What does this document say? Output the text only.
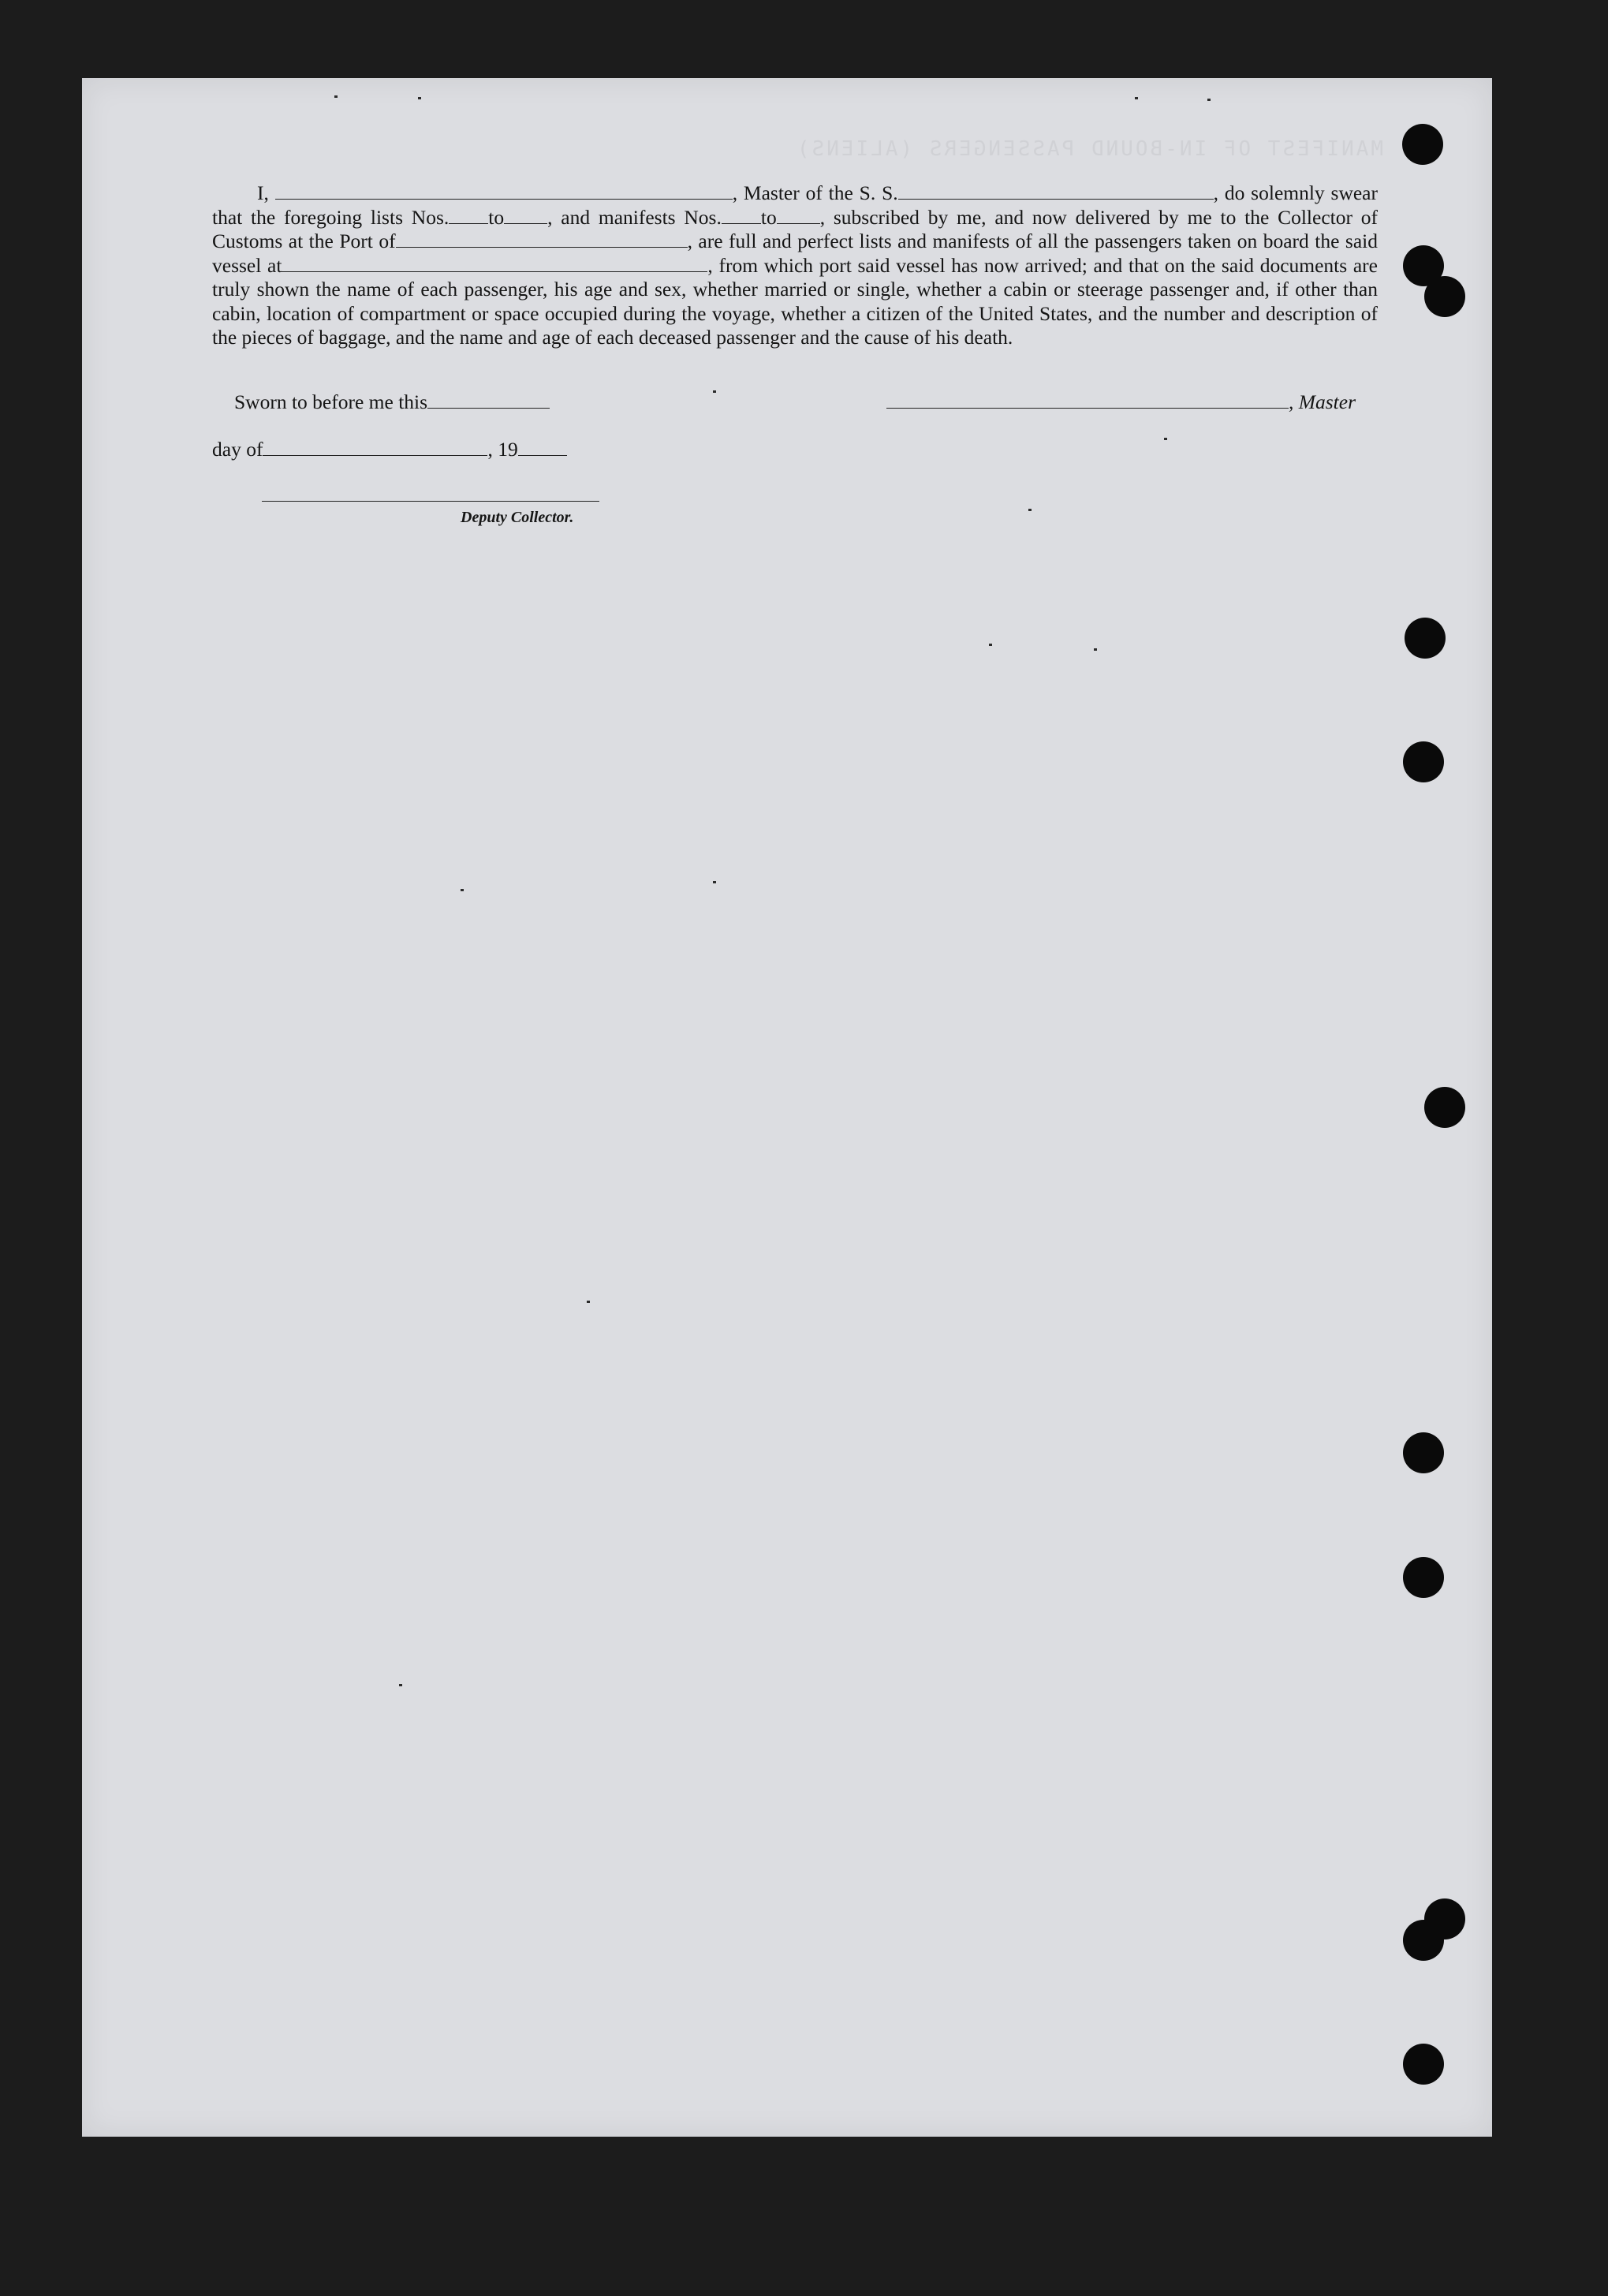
MANIFEST OF IN-BOUND PASSENGERS (ALIENS)
I,	, Master of the S. S.	, do solemnly swear that the foregoing lists Nos. to , and manifests Nos. to , subscribed by me, and now delivered by me to the Collector of Customs at the Port of	, are full and perfect lists and manifests of all the passengers taken on board the said vessel at	, from which port said vessel has now arrived; and that on the said documents are truly shown the name of each passenger, his age and sex, whether married or single, whether a cabin or steerage passenger and, if other than cabin, location of compartment or space occupied during the voyage, whether a citizen of the United States, and the number and description of the pieces of baggage, and the name and age of each deceased passenger and the cause of his death.
Sworn to before me this	, Master
day of	, 19
Deputy Collector.
